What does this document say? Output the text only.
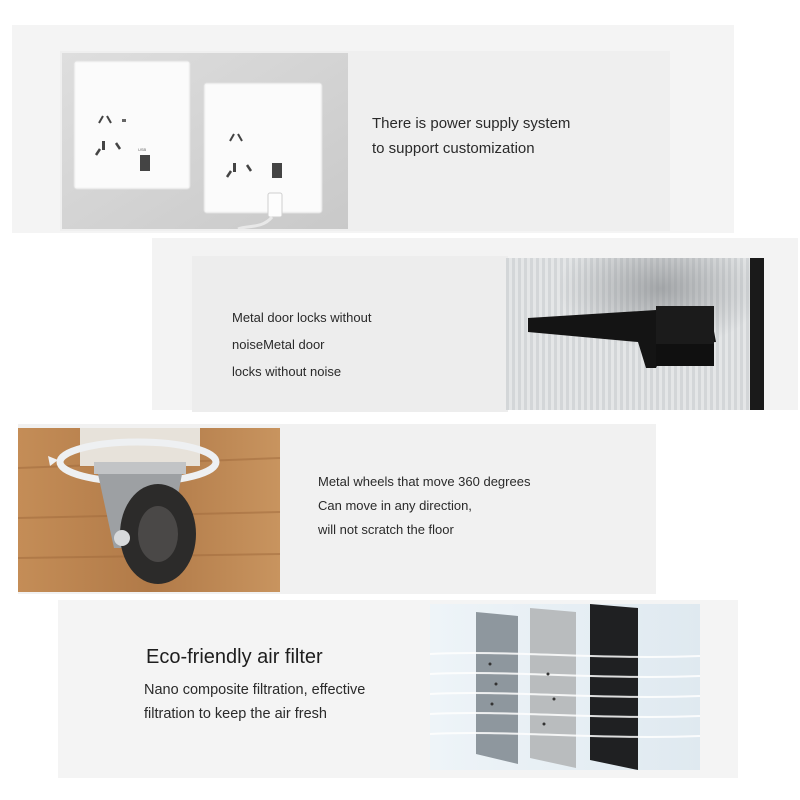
USB
There is power supply system
to support customization
Metal door locks without
noiseMetal door
locks without noise
Metal wheels that move 360 degrees
Can move in any direction,
will not scratch the floor
Eco-friendly air filter
Nano composite filtration, effective
filtration to keep the air fresh
